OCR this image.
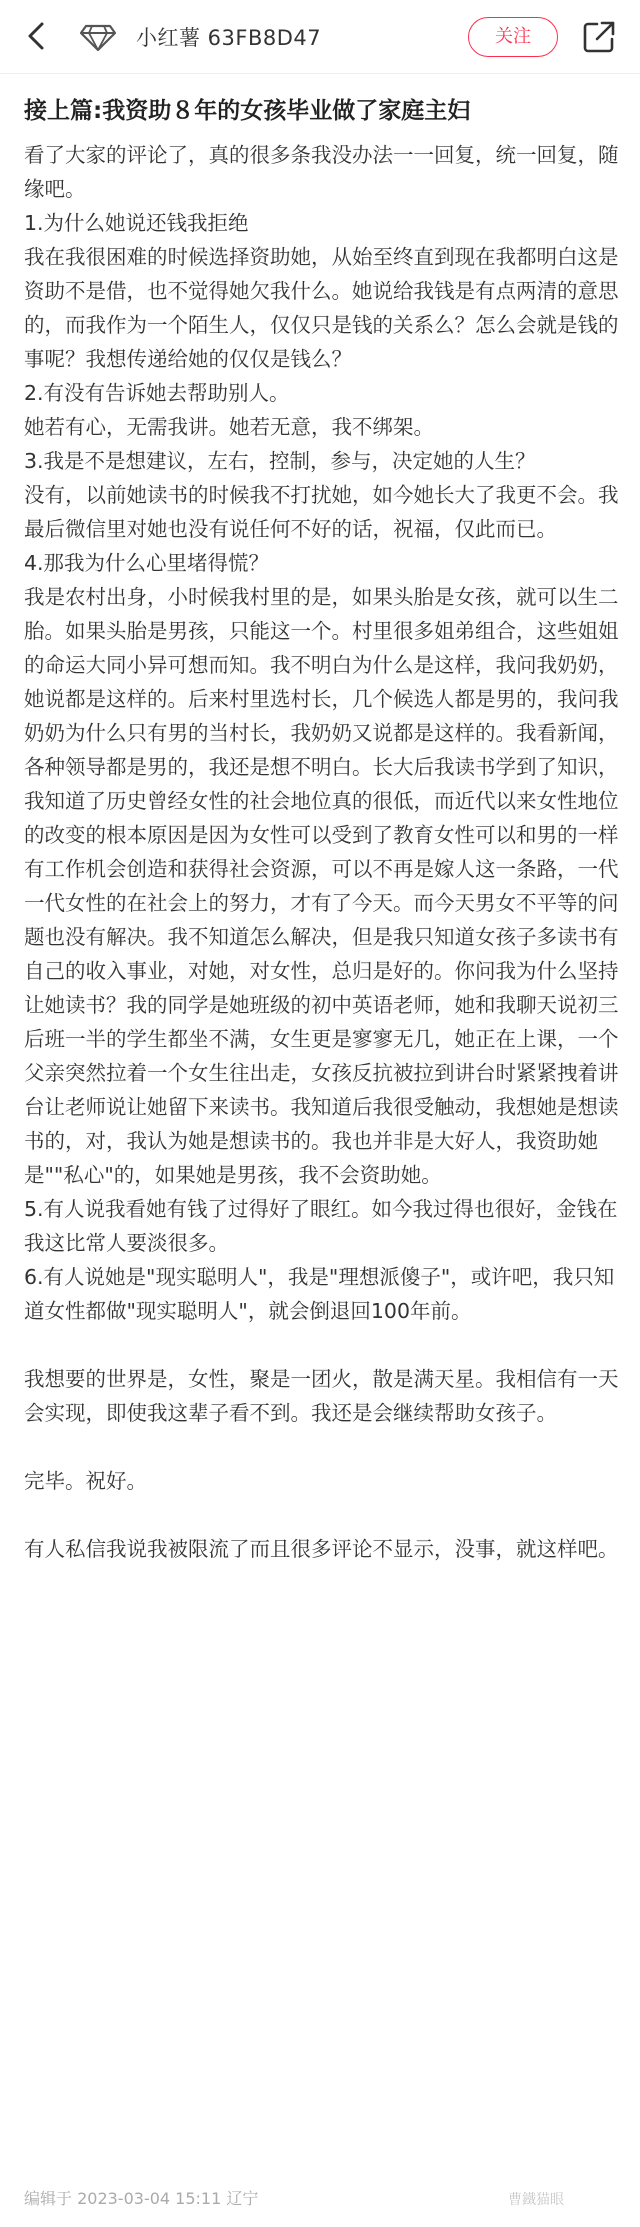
小红薯 63FB8D47	关注
接上篇:我资助８年的女孩毕业做了家庭主妇

看了大家的评论了，真的很多条我没办法一一回复，统一回复，随缘吧。

1.为什么她说还钱我拒绝

我在我很困难的时候选择资助她，从始至终直到现在我都明白这是资助不是借，也不觉得她欠我什么。她说给我钱是有点两清的意思的，而我作为一个陌生人，仅仅只是钱的关系么？怎么会就是钱的事呢？我想传递给她的仅仅是钱么？

2.有没有告诉她去帮助别人。

她若有心，无需我讲。她若无意，我不绑架。

3.我是不是想建议，左右，控制，参与，决定她的人生？

没有，以前她读书的时候我不打扰她，如今她长大了我更不会。我最后微信里对她也没有说任何不好的话，祝福，仅此而已。

4.那我为什么心里堵得慌？

我是农村出身，小时候我村里的是，如果头胎是女孩，就可以生二胎。如果头胎是男孩，只能这一个。村里很多姐弟组合，这些姐姐的命运大同小异可想而知。我不明白为什么是这样，我问我奶奶，她说都是这样的。后来村里选村长，几个候选人都是男的，我问我奶奶为什么只有男的当村长，我奶奶又说都是这样的。我看新闻，各种领导都是男的，我还是想不明白。长大后我读书学到了知识，我知道了历史曾经女性的社会地位真的很低，而近代以来女性地位的改变的根本原因是因为女性可以受到了教育女性可以和男的一样有工作机会创造和获得社会资源，可以不再是嫁人这一条路，一代一代女性的在社会上的努力，才有了今天。而今天男女不平等的问题也没有解决。我不知道怎么解决，但是我只知道女孩子多读书有自己的收入事业，对她，对女性，总归是好的。你问我为什么坚持让她读书？我的同学是她班级的初中英语老师，她和我聊天说初三后班一半的学生都坐不满，女生更是寥寥无几，她正在上课，一个父亲突然拉着一个女生往出走，女孩反抗被拉到讲台时紧紧拽着讲台让老师说让她留下来读书。我知道后我很受触动，我想她是想读书的，对，我认为她是想读书的。我也并非是大好人，我资助她是""私心"的，如果她是男孩，我不会资助她。

5.有人说我看她有钱了过得好了眼红。如今我过得也很好，金钱在我这比常人要淡很多。

6.有人说她是"现实聪明人"，我是"理想派傻子"，或许吧，我只知道女性都做"现实聪明人"，就会倒退回100年前。

我想要的世界是，女性，聚是一团火，散是满天星。我相信有一天会实现，即使我这辈子看不到。我还是会继续帮助女孩子。

完毕。祝好。

有人私信我说我被限流了而且很多评论不显示，没事，就这样吧。

编辑于 2023-03-04 15:11 辽宁	曹鐵猫眼
